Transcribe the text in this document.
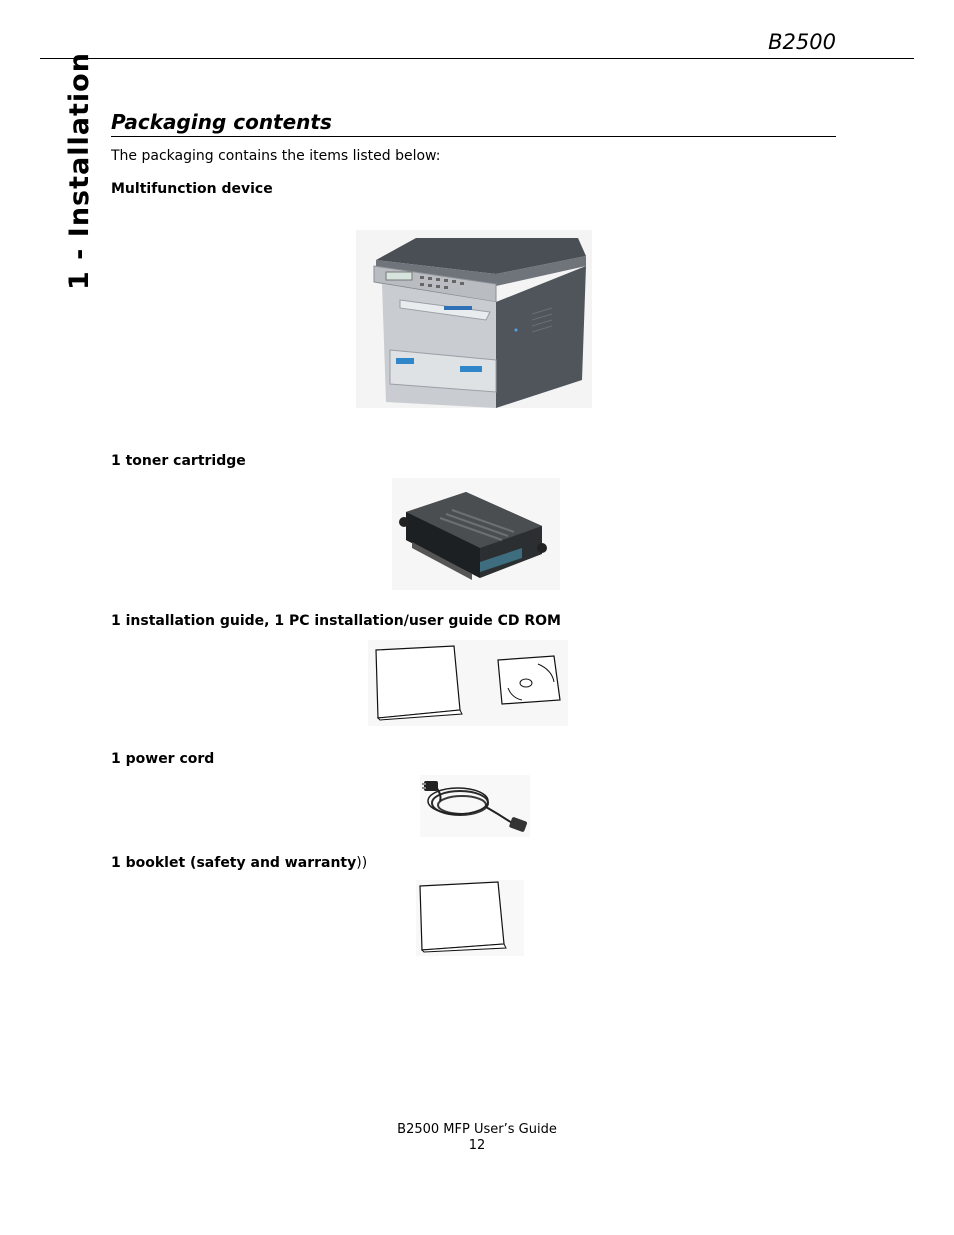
B2500
1 - Installation Packaging contents
The packaging contains the items listed below:
Multifunction device
1 toner cartridge
1 installation guide, 1 PC installation/user guide CD ROM
1 power cord
1 booklet (safety and warranty))
B2500 MFP User’s Guide
12
